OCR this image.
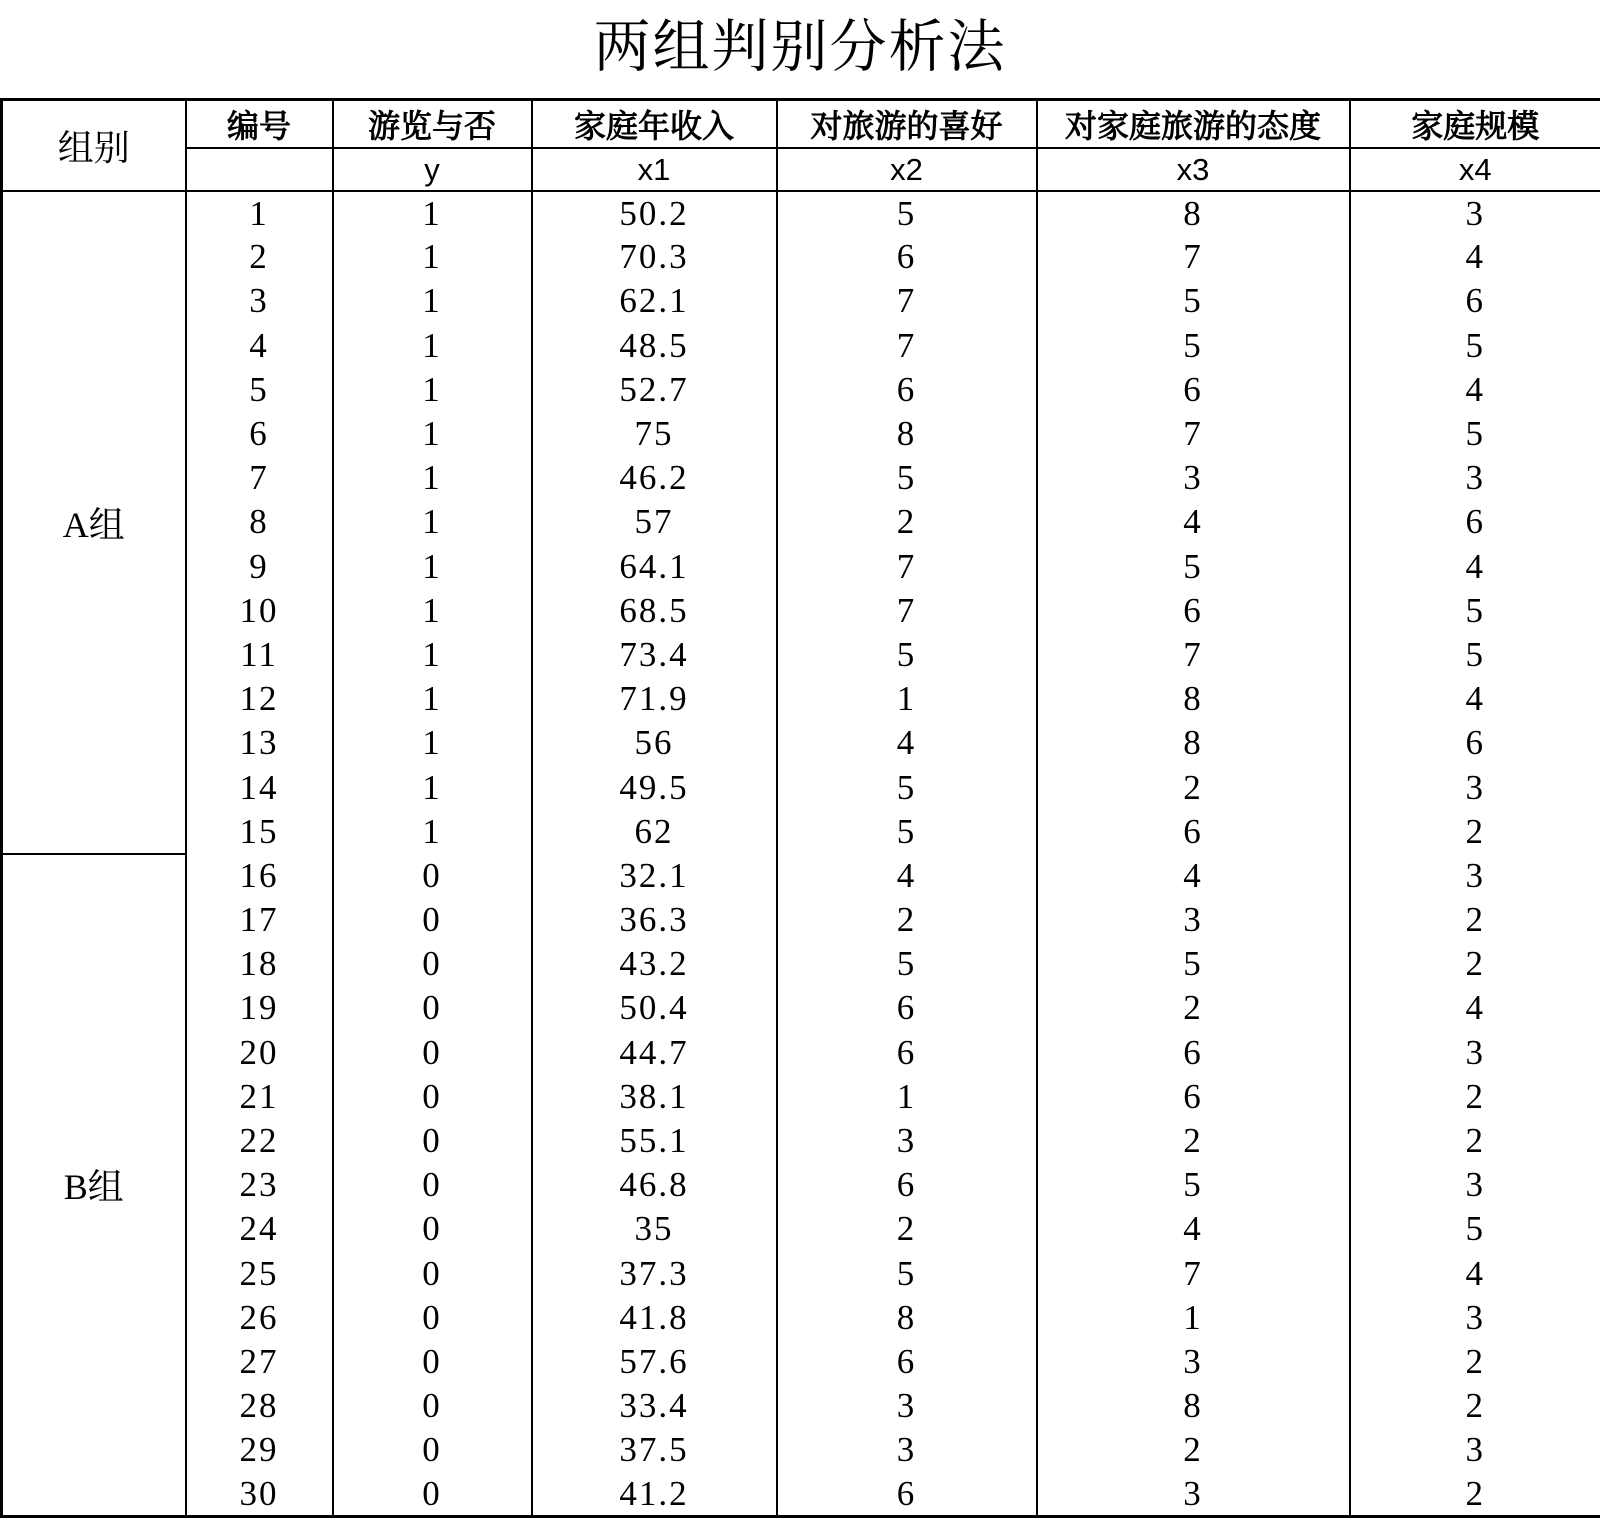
两组判别分析法
组别	编号	游览与否	家庭年收入	对旅游的喜好	对家庭旅游的态度	家庭规模
		y	x1	x2	x3	x4
A组	1	1	50.2	5	8	3
	2	1	70.3	6	7	4
	3	1	62.1	7	5	6
	4	1	48.5	7	5	5
	5	1	52.7	6	6	4
	6	1	75	8	7	5
	7	1	46.2	5	3	3
	8	1	57	2	4	6
	9	1	64.1	7	5	4
	10	1	68.5	7	6	5
	11	1	73.4	5	7	5
	12	1	71.9	1	8	4
	13	1	56	4	8	6
	14	1	49.5	5	2	3
	15	1	62	5	6	2
B组	16	0	32.1	4	4	3
	17	0	36.3	2	3	2
	18	0	43.2	5	5	2
	19	0	50.4	6	2	4
	20	0	44.7	6	6	3
	21	0	38.1	1	6	2
	22	0	55.1	3	2	2
	23	0	46.8	6	5	3
	24	0	35	2	4	5
	25	0	37.3	5	7	4
	26	0	41.8	8	1	3
	27	0	57.6	6	3	2
	28	0	33.4	3	8	2
	29	0	37.5	3	2	3
	30	0	41.2	6	3	2
